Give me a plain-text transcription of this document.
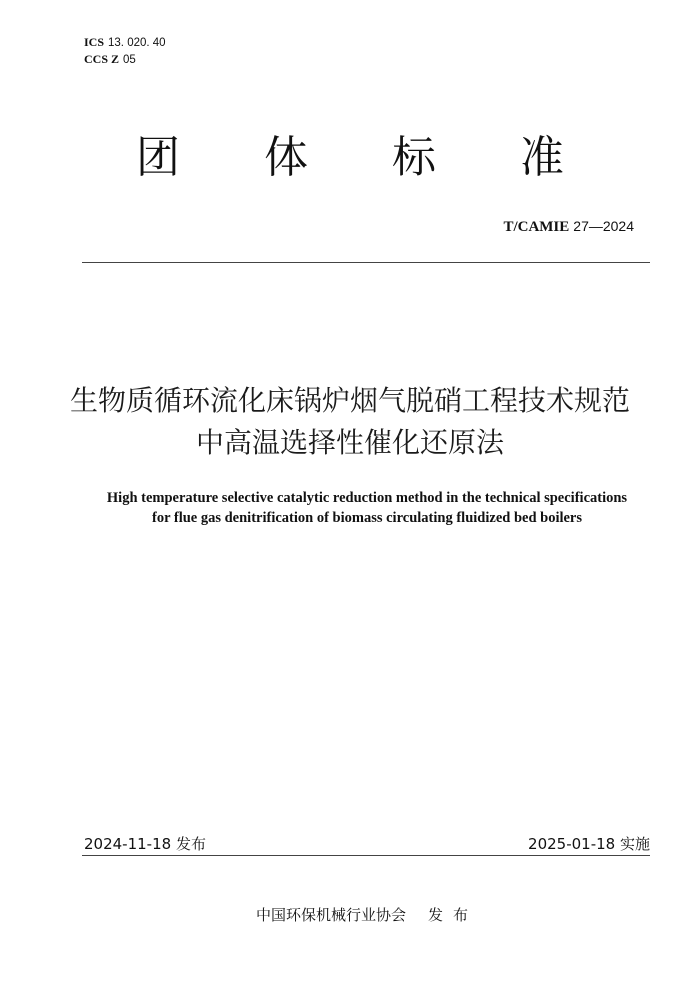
ICS 13. 020. 40
CCS Z 05
团 体 标 准
T/CAMIE 27—2024
生物质循环流化床锅炉烟气脱硝工程技术规范
中高温选择性催化还原法
High temperature selective catalytic reduction method in the technical specifications
for flue gas denitrification of biomass circulating fluidized bed boilers
2024-11-18 发布	2025-01-18 实施
中国环保机械行业协会 发布
